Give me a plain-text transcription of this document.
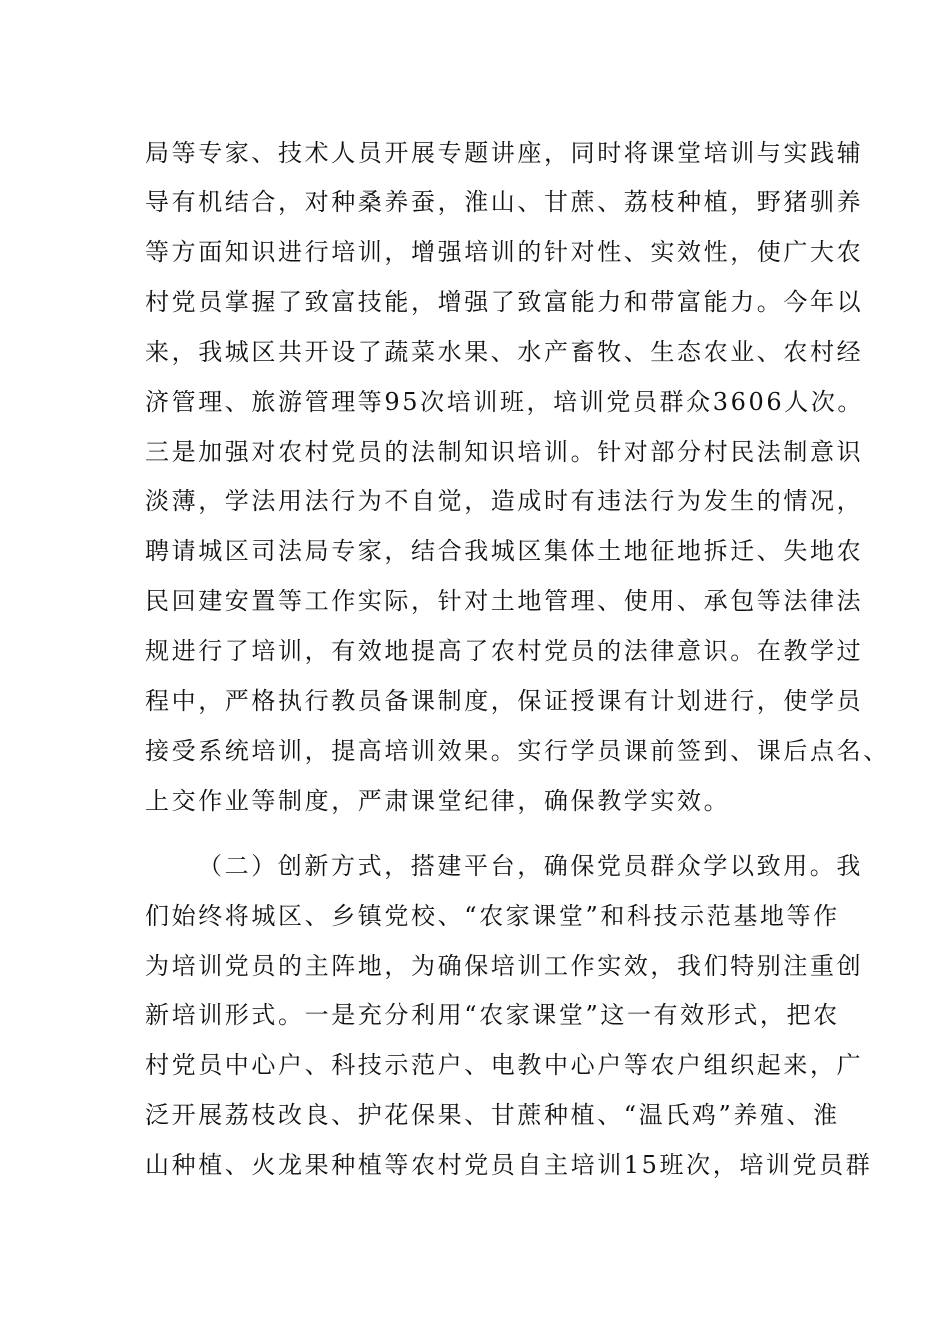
局等专家、技术人员开展专题讲座，同时将课堂培训与实践辅
导有机结合，对种桑养蚕，淮山、甘蔗、荔枝种植，野猪驯养
等方面知识进行培训，增强培训的针对性、实效性，使广大农
村党员掌握了致富技能，增强了致富能力和带富能力。今年以
来，我城区共开设了蔬菜水果、水产畜牧、生态农业、农村经
济管理、旅游管理等95次培训班，培训党员群众3606人次。
三是加强对农村党员的法制知识培训。针对部分村民法制意识
淡薄，学法用法行为不自觉，造成时有违法行为发生的情况，
聘请城区司法局专家，结合我城区集体土地征地拆迁、失地农
民回建安置等工作实际，针对土地管理、使用、承包等法律法
规进行了培训，有效地提高了农村党员的法律意识。在教学过
程中，严格执行教员备课制度，保证授课有计划进行，使学员
接受系统培训，提高培训效果。实行学员课前签到、课后点名、
上交作业等制度，严肃课堂纪律，确保教学实效。
（二）创新方式，搭建平台，确保党员群众学以致用。我
们始终将城区、乡镇党校、“农家课堂”和科技示范基地等作
为培训党员的主阵地，为确保培训工作实效，我们特别注重创
新培训形式。一是充分利用“农家课堂”这一有效形式，把农
村党员中心户、科技示范户、电教中心户等农户组织起来，广
泛开展荔枝改良、护花保果、甘蔗种植、“温氏鸡”养殖、淮
山种植、火龙果种植等农村党员自主培训15班次，培训党员群
